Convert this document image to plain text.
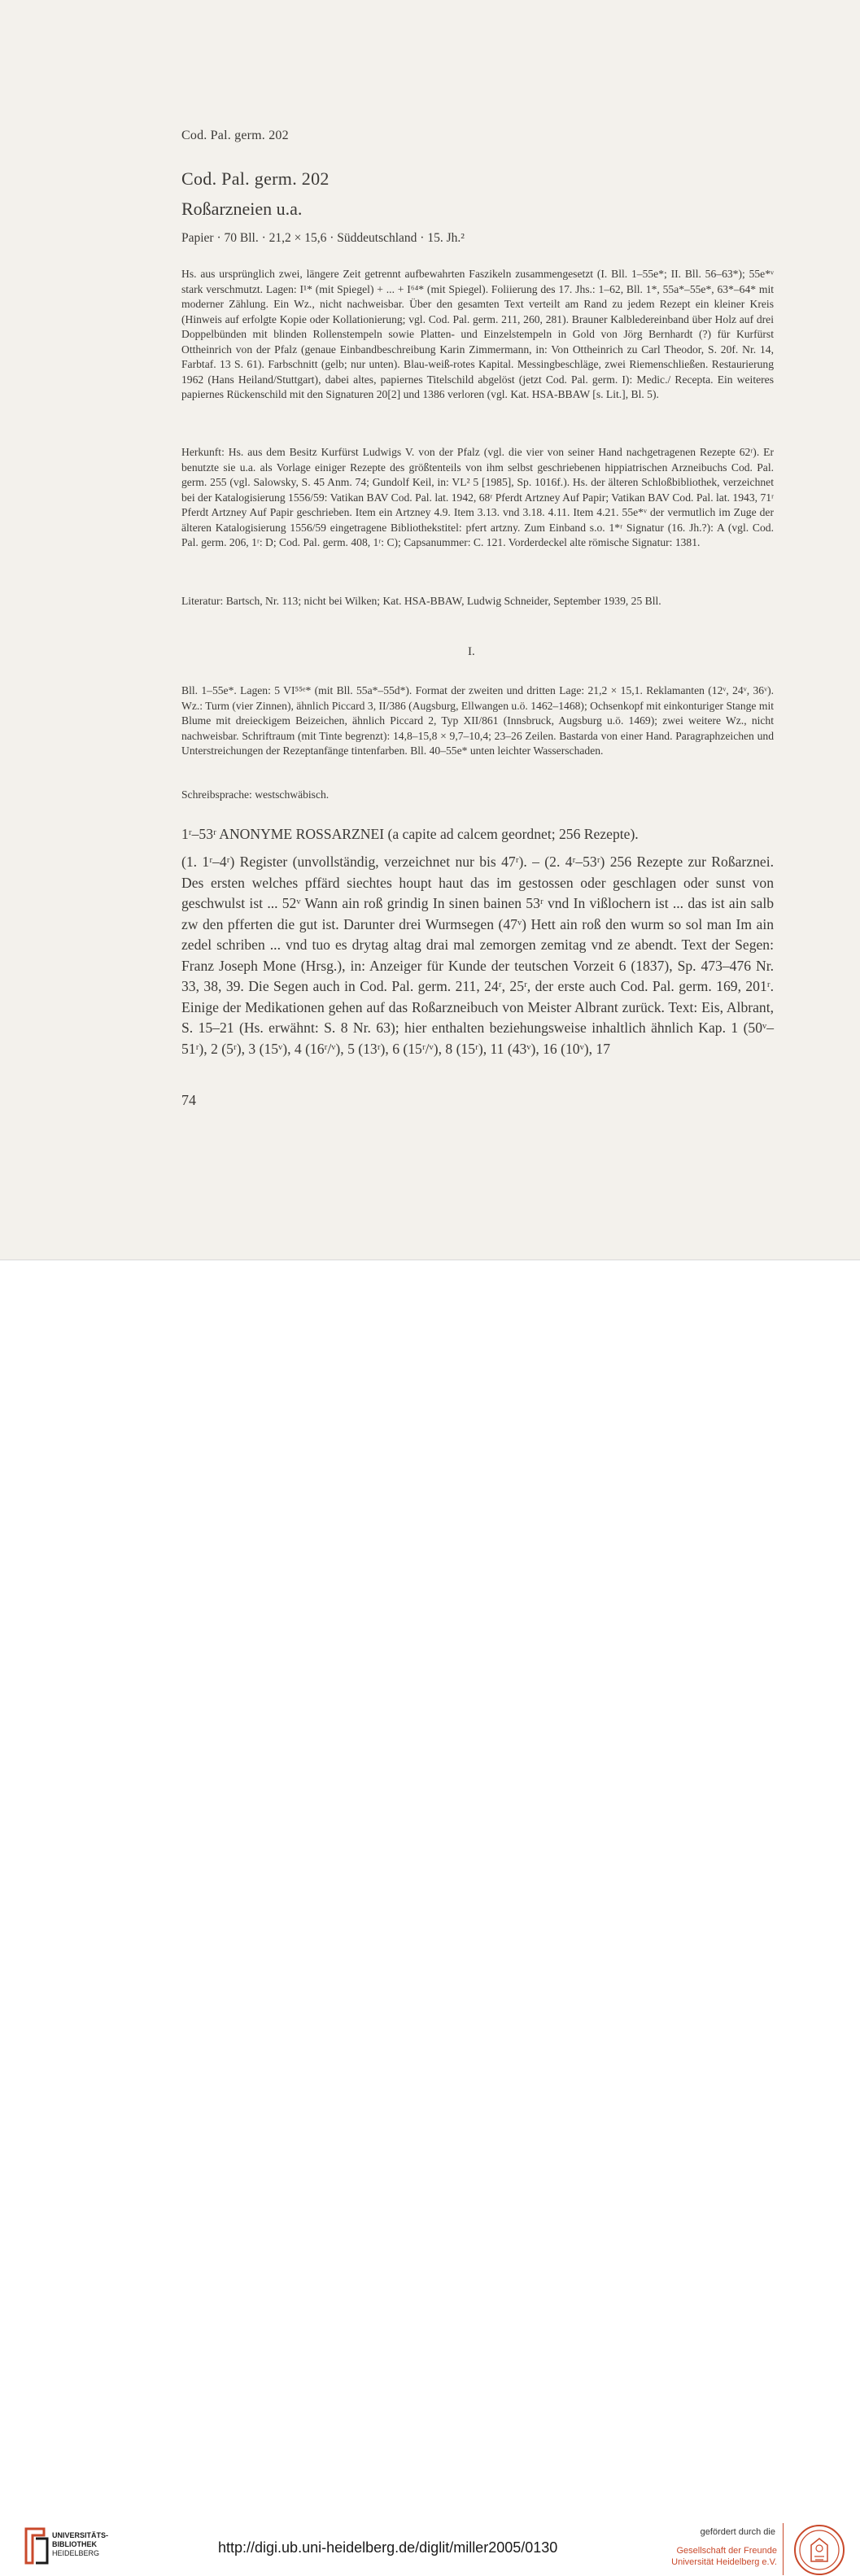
Cod. Pal. germ. 202
Cod. Pal. germ. 202
Roßarzneien u.a.
Papier · 70 Bll. · 21,2 × 15,6 · Süddeutschland · 15. Jh.²

Hs. aus ursprünglich zwei, längere Zeit getrennt aufbewahrten Faszikeln zusammengesetzt (I. Bll. 1–55e*; II. Bll. 56–63*); 55e*ᵛ stark verschmutzt. Lagen: I¹* (mit Spiegel) + ... + I⁶⁴* (mit Spiegel). Foliierung des 17. Jhs.: 1–62, Bll. 1*, 55a*–55e*, 63*–64* mit moderner Zählung. Ein Wz., nicht nachweisbar. Über den gesamten Text verteilt am Rand zu jedem Rezept ein kleiner Kreis (Hinweis auf erfolgte Kopie oder Kollationierung; vgl. Cod. Pal. germ. 211, 260, 281). Brauner Kalbledereinband über Holz auf drei Doppelbünden mit blinden Rollenstempeln sowie Platten- und Einzelstempeln in Gold von Jörg Bernhardt (?) für Kurfürst Ottheinrich von der Pfalz (genaue Einbandbeschreibung Karin Zimmermann, in: Von Ottheinrich zu Carl Theodor, S. 20f. Nr. 14, Farbtaf. 13 S. 61). Farbschnitt (gelb; nur unten). Blau-weiß-rotes Kapital. Messingbeschläge, zwei Riemenschließen. Restaurierung 1962 (Hans Heiland/Stuttgart), dabei altes, papiernes Titelschild abgelöst (jetzt Cod. Pal. germ. I): Medic./ Recepta. Ein weiteres papiernes Rückenschild mit den Signaturen 20[2] und 1386 verloren (vgl. Kat. HSA-BBAW [s. Lit.], Bl. 5).

Herkunft: Hs. aus dem Besitz Kurfürst Ludwigs V. von der Pfalz (vgl. die vier von seiner Hand nachgetragenen Rezepte 62ʳ). Er benutzte sie u.a. als Vorlage einiger Rezepte des größtenteils von ihm selbst geschriebenen hippiatrischen Arzneibuchs Cod. Pal. germ. 255 (vgl. Salowsky, S. 45 Anm. 74; Gundolf Keil, in: VL² 5 [1985], Sp. 1016f.). Hs. der älteren Schloßbibliothek, verzeichnet bei der Katalogisierung 1556/59: Vatikan BAV Cod. Pal. lat. 1942, 68ʳ Pferdt Artzney Auf Papir; Vatikan BAV Cod. Pal. lat. 1943, 71ʳ Pferdt Artzney Auf Papir geschrieben. Item ein Artzney 4.9. Item 3.13. vnd 3.18. 4.11. Item 4.21. 55e*ᵛ der vermutlich im Zuge der älteren Katalogisierung 1556/59 eingetragene Bibliothekstitel: pfert artzny. Zum Einband s.o. 1*ʳ Signatur (16. Jh.?): A (vgl. Cod. Pal. germ. 206, 1ʳ: D; Cod. Pal. germ. 408, 1ʳ: C); Capsanummer: C. 121. Vorderdeckel alte römische Signatur: 1381.

Literatur: Bartsch, Nr. 113; nicht bei Wilken; Kat. HSA-BBAW, Ludwig Schneider, September 1939, 25 Bll.

I.

Bll. 1–55e*. Lagen: 5 VI⁵⁵ᵉ* (mit Bll. 55a*–55d*). Format der zweiten und dritten Lage: 21,2 × 15,1. Reklamanten (12ᵛ, 24ᵛ, 36ᵛ). Wz.: Turm (vier Zinnen), ähnlich Piccard 3, II/386 (Augsburg, Ellwangen u.ö. 1462–1468); Ochsenkopf mit einkonturiger Stange mit Blume mit dreieckigem Beizeichen, ähnlich Piccard 2, Typ XII/861 (Innsbruck, Augsburg u.ö. 1469); zwei weitere Wz., nicht nachweisbar. Schriftraum (mit Tinte begrenzt): 14,8–15,8 × 9,7–10,4; 23–26 Zeilen. Bastarda von einer Hand. Paragraphzeichen und Unterstreichungen der Rezeptanfänge tintenfarben. Bll. 40–55e* unten leichter Wasserschaden.

Schreibsprache: westschwäbisch.

1ʳ–53ʳ ANONYME ROSSARZNEI (a capite ad calcem geordnet; 256 Rezepte).

(1. 1ʳ–4ʳ) Register (unvollständig, verzeichnet nur bis 47ʳ). – (2. 4ʳ–53ʳ) 256 Rezepte zur Roßarznei. Des ersten welches pffärd siechtes houpt haut das im gestossen oder geschlagen oder sunst von geschwulst ist ... 52ᵛ Wann ain roß grindig In sinen bainen 53ʳ vnd In vißlochern ist ... das ist ain salb zw den pfferten die gut ist. Darunter drei Wurmsegen (47ᵛ) Hett ain roß den wurm so sol man Im ain zedel schriben ... vnd tuo es drytag altag drai mal zemorgen zemitag vnd ze abendt. Text der Segen: Franz Joseph Mone (Hrsg.), in: Anzeiger für Kunde der teutschen Vorzeit 6 (1837), Sp. 473–476 Nr. 33, 38, 39. Die Segen auch in Cod. Pal. germ. 211, 24ʳ, 25ʳ, der erste auch Cod. Pal. germ. 169, 201ʳ. Einige der Medikationen gehen auf das Roßarzneibuch von Meister Albrant zurück. Text: Eis, Albrant, S. 15–21 (Hs. erwähnt: S. 8 Nr. 63); hier enthalten beziehungsweise inhaltlich ähnlich Kap. 1 (50ᵛ–51ʳ), 2 (5ʳ), 3 (15ᵛ), 4 (16ʳ/ᵛ), 5 (13ʳ), 6 (15ʳ/ᵛ), 8 (15ʳ), 11 (43ᵛ), 16 (10ᵛ), 17

74
UNIVERSITÄTS-
BIBLIOTHEK
HEIDELBERG	http://digi.ub.uni-heidelberg.de/diglit/miller2005/0130
gefördert durch die
Gesellschaft der Freunde
Universität Heidelberg e.V.
